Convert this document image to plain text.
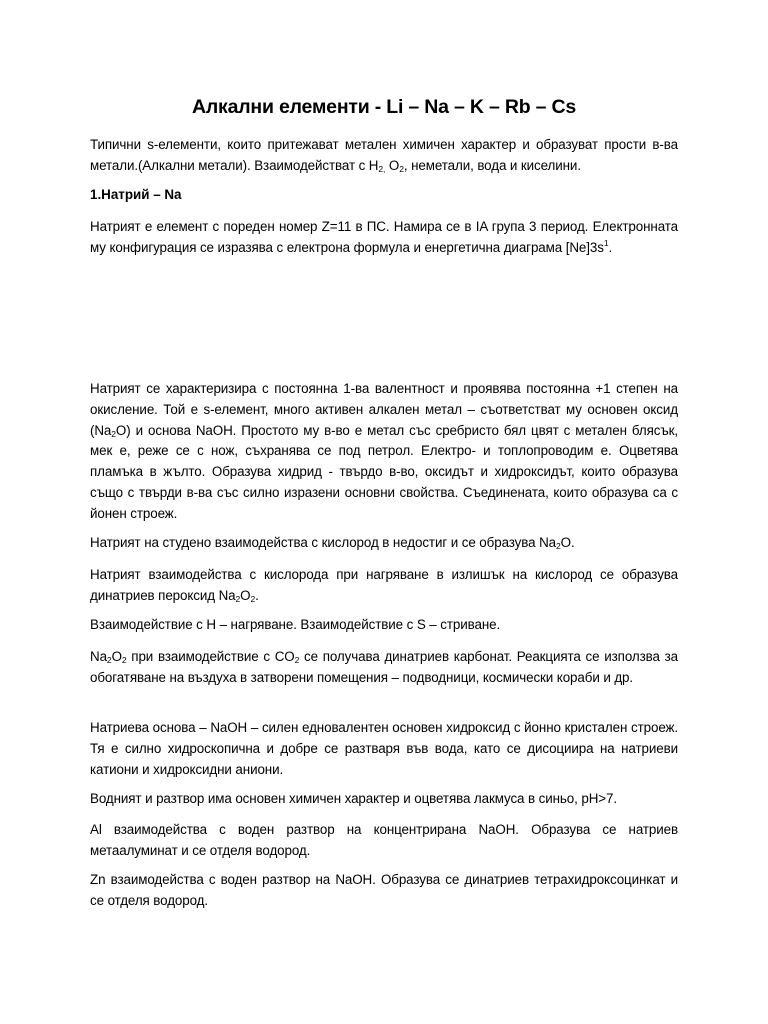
Алкални елементи - Li – Na – K – Rb – Cs

Типични s-елементи, които притежават метален химичен характер и образуват прости в-ва метали.(Алкални метали). Взаимодействат с $Н_{2,}$ $О_2$, неметали, вода и киселини.

1.Натрий – Na

Натрият е елемент с пореден номер Z=11 в ПС. Намира се в IA група 3 период. Електронната му конфигурация се изразява с електрона формула и енергетична диаграма $[Ne]3s^1$.

Натрият се характеризира с постоянна 1-ва валентност и проявява постоянна +1 степен на окисление. Той е s-елемент, много активен алкален метал – съответстват му основен оксид $(Na_2O)$ и основа NaOH. Простото му в-во е метал със сребристо бял цвят с метален блясък, мек е, реже се с нож, съхранява се под петрол. Електро- и топлопроводим е. Оцветява пламъка в жълто. Образува хидрид - твърдо в-во, оксидът и хидроксидът, които образува също с твърди в-ва със силно изразени основни свойства. Съединената, които образува са с йонен строеж.

Натрият на студено взаимодейства с кислород в недостиг и се образува $Na_2O$.

Натрият взаимодейства с кислорода при нагряване в излишък на кислород се образува динатриев пероксид $Na_2O_2$.

Взаимодействие с H – нагряване. Взаимодействие с S – стриване.

$Na_2O_2$ при взаимодействие с $CO_2$ се получава динатриев карбонат. Реакцията се използва за обогатяване на въздуха в затворени помещения – подводници, космически кораби и др.

Натриева основа – NaOH – силен едновалентен основен хидроксид с йонно кристален строеж. Тя е силно хидроскопична и добре се разтваря във вода, като се дисоциира на натриеви катиони и хидроксидни аниони.

Водният и разтвор има основен химичен характер и оцветява лакмуса в синьо, pH>7.

Al взаимодейства с воден разтвор на концентрирана NaOH. Образува се натриев метаалуминат и се отделя водород.

Zn взаимодейства с воден разтвор на NaOH. Образува се динатриев тетрахидроксоцинкат и се отделя водород.
